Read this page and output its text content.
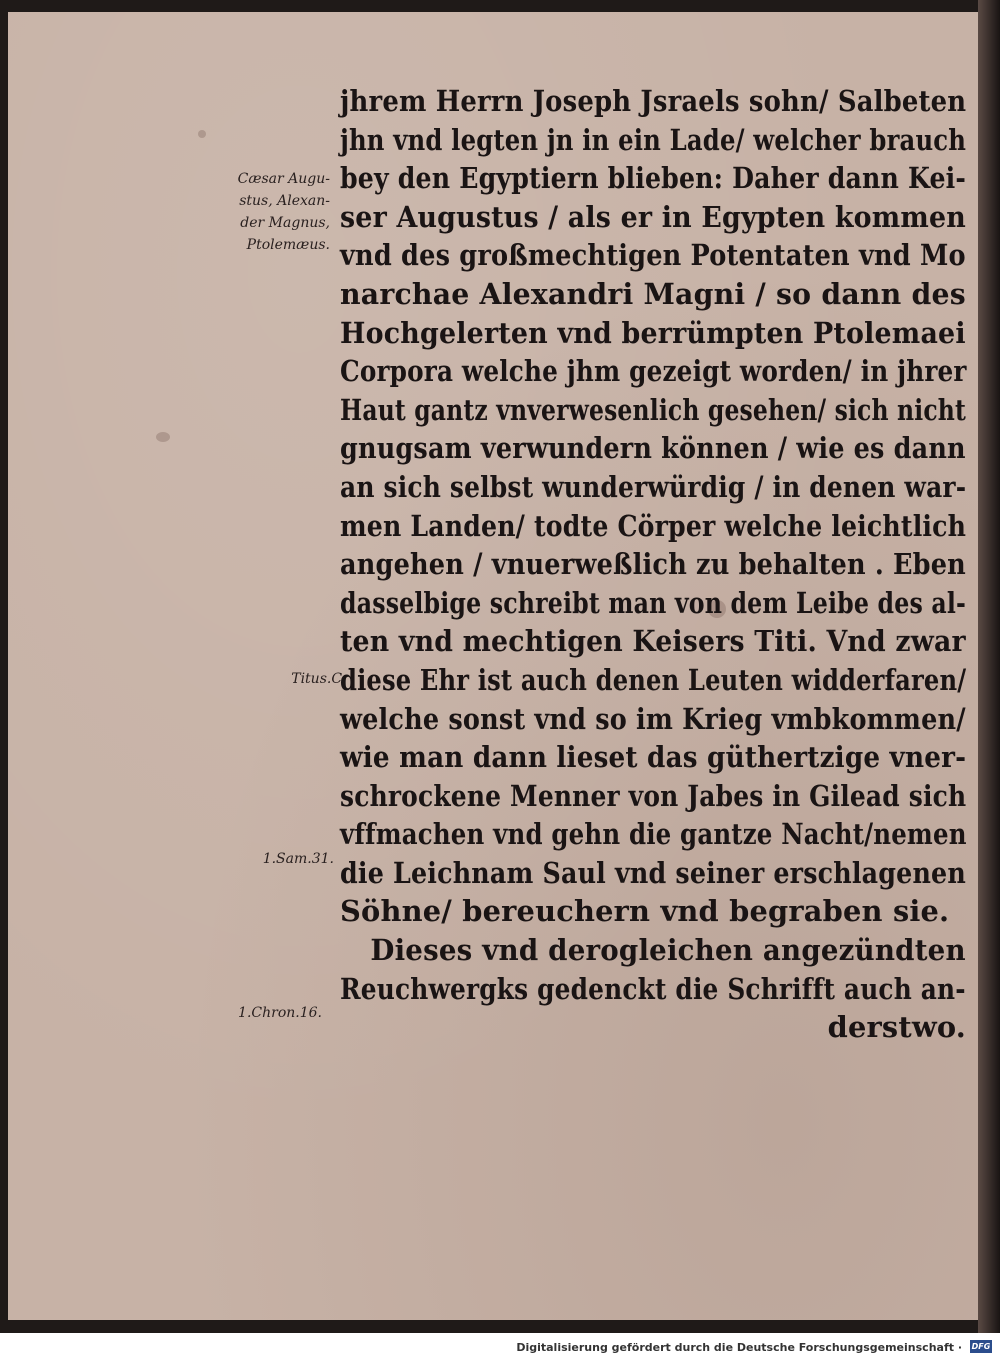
Cæsar Augu-
stus, Alexan-
der Magnus,
Ptolemæus.
Titus.C.
1.Sam.31.
1.Chron.16.
jhrem Herrn Joseph Jsraels sohn/ Salbeten
jhn vnd legten jn in ein Lade/ welcher brauch
bey den Egyptiern blieben: Daher dann Kei-
ser Augustus / als er in Egypten kommen
vnd des großmechtigen Potentaten vnd Mo
narchae Alexandri Magni / so dann des
Hochgelerten vnd berrümpten Ptolemaei
Corpora welche jhm gezeigt worden/ in jhrer
Haut gantz vnverwesenlich gesehen/ sich nicht
gnugsam verwundern können / wie es dann
an sich selbst wunderwürdig / in denen war-
men Landen/ todte Cörper welche leichtlich
angehen / vnuerweßlich zu behalten . Eben
dasselbige schreibt man von dem Leibe des al-
ten vnd mechtigen Keisers Titi. Vnd zwar
diese Ehr ist auch denen Leuten widderfaren/
welche sonst vnd so im Krieg vmbkommen/
wie man dann lieset das güthertzige vner-
schrockene Menner von Jabes in Gilead sich
vffmachen vnd gehn die gantze Nacht/nemen
die Leichnam Saul vnd seiner erschlagenen
Söhne/ bereuchern vnd begraben sie.
Dieses vnd deroglеichen angezündten
Reuchwergks gedenckt die Schrifft auch an-
derstwo.
Digitalisierung gefördert durch die Deutsche Forschungsgemeinschaft · DFG
